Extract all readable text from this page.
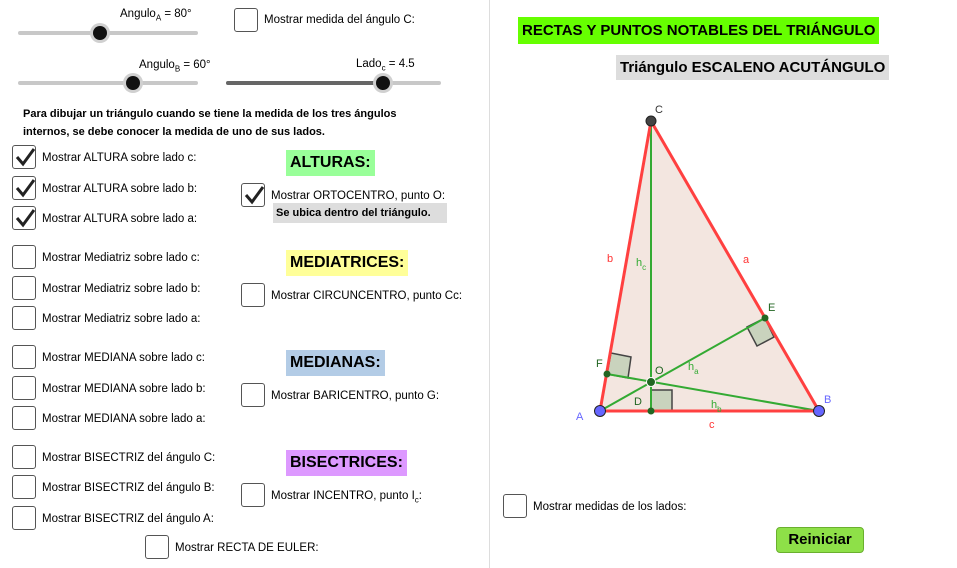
Angulo$_A$ = 80°	Mostrar medida del ángulo C:
Angulo$_B$ = 60°	Lado$_c$ = 4.5
Para dibujar un triángulo cuando se tiene la medida de los tres ángulos
internos, se debe conocer la medida de uno de sus lados.
Mostrar ALTURA sobre lado c:
Mostrar ALTURA sobre lado b:
Mostrar ALTURA sobre lado a:
ALTURAS:
Mostrar ORTOCENTRO, punto O:
Se ubica dentro del triángulo.
Mostrar Mediatriz sobre lado c:
Mostrar Mediatriz sobre lado b:
Mostrar Mediatriz sobre lado a:
MEDIATRICES:
Mostrar CIRCUNCENTRO, punto Cc:
Mostrar MEDIANA sobre lado c:
Mostrar MEDIANA sobre lado b:
Mostrar MEDIANA sobre lado a:
MEDIANAS:
Mostrar BARICENTRO, punto G:
Mostrar BISECTRIZ del ángulo C:
Mostrar BISECTRIZ del ángulo B:
Mostrar BISECTRIZ del ángulo A:
BISECTRICES:
Mostrar INCENTRO, punto $I_c$:
Mostrar RECTA DE EULER:
RECTAS Y PUNTOS NOTABLES DEL TRIÁNGULO
Triángulo ESCALENO ACUTÁNGULO
A
B
C
a
b
c
D
E
F
O
$h_c$
$h_a$
$h_b$
Mostrar medidas de los lados:
Reiniciar
